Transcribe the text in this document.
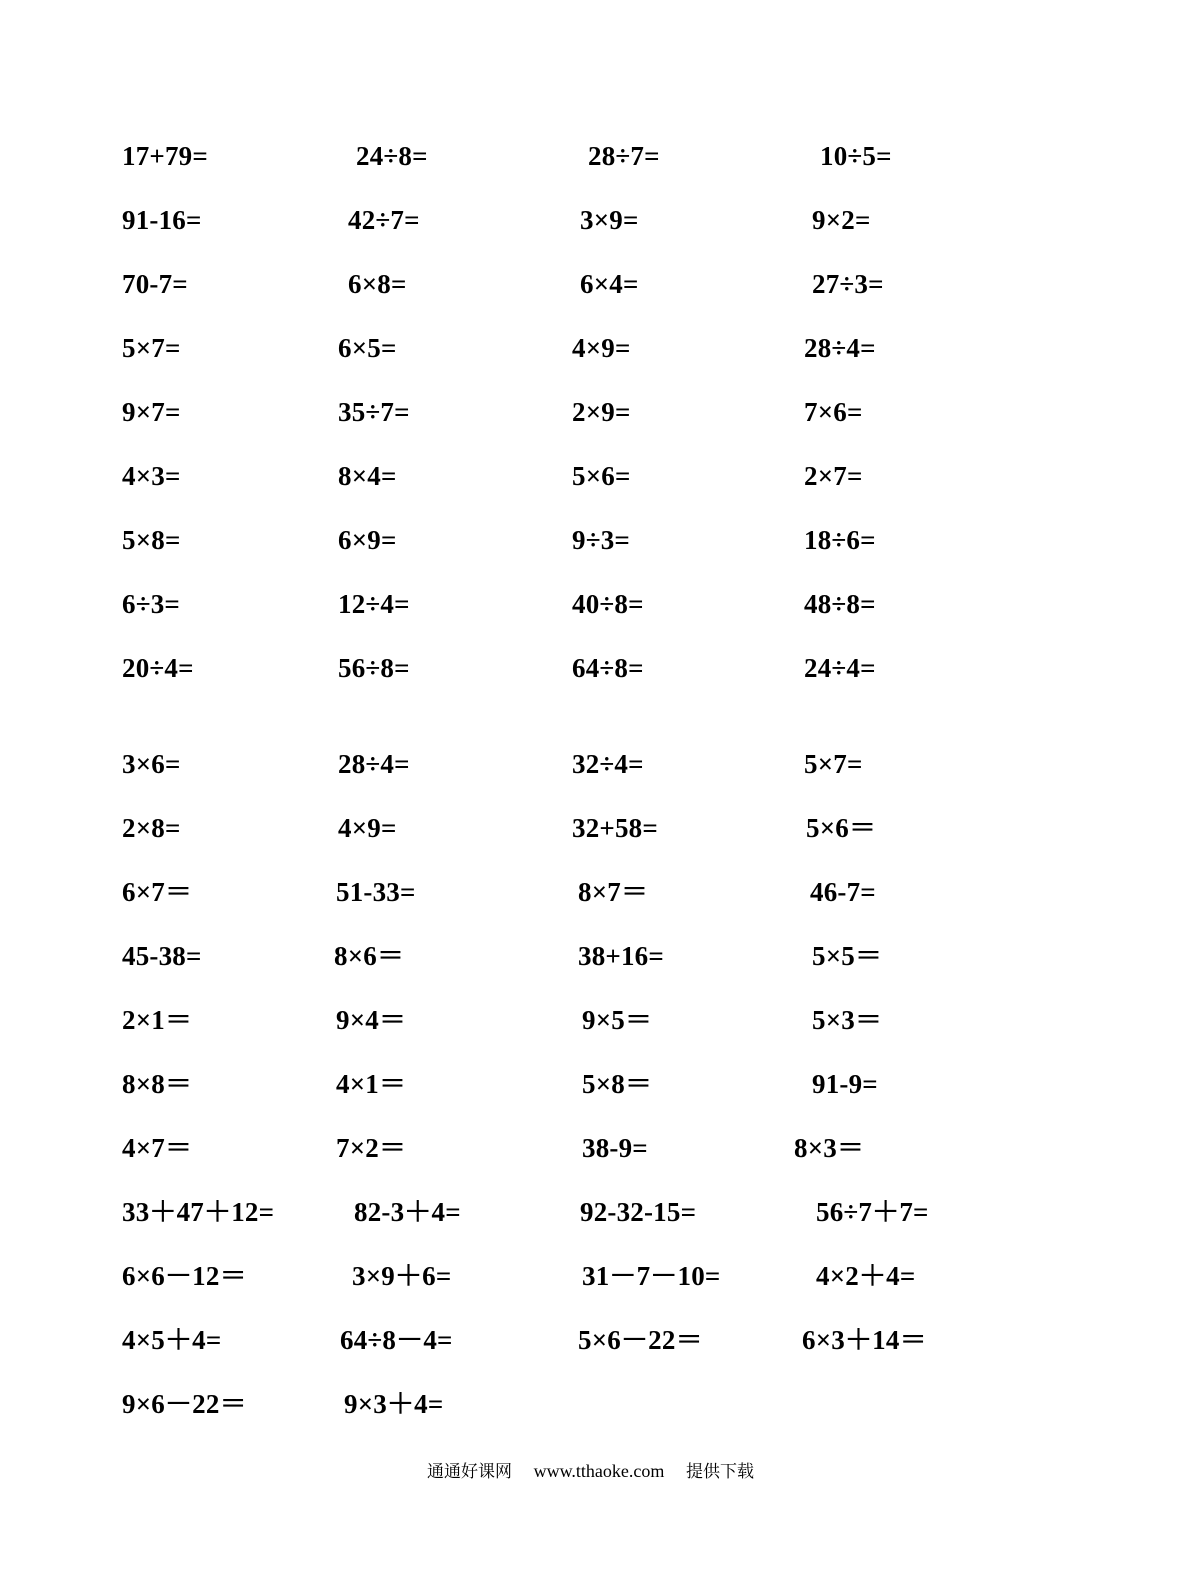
17+79=	24÷8=	28÷7=	10÷5=
91-16=	42÷7=	3×9=	9×2=
70-7=	6×8=	6×4=	27÷3=
5×7=	6×5=	4×9=	28÷4=
9×7=	35÷7=	2×9=	7×6=
4×3=	8×4=	5×6=	2×7=
5×8=	6×9=	9÷3=	18÷6=
6÷3=	12÷4=	40÷8=	48÷8=
20÷4=	56÷8=	64÷8=	24÷4=
3×6=	28÷4=	32÷4=	5×7=
2×8=	4×9=	32+58=	5×6＝
6×7＝	51-33=	8×7＝	46-7=
45-38=	8×6＝	38+16=	5×5＝
2×1＝	9×4＝	9×5＝	5×3＝
8×8＝	4×1＝	5×8＝	91-9=
4×7＝	7×2＝	38-9=	8×3＝
33＋47＋12=	82-3＋4=	92-32-15=	56÷7＋7=
6×6－12＝	3×9＋6=	31－7－10=	4×2＋4=
4×5＋4=	64÷8－4=	5×6－22＝	6×3＋14＝
9×6－22＝	9×3＋4=
通通好课网 www.tthaoke.com 提供下载
